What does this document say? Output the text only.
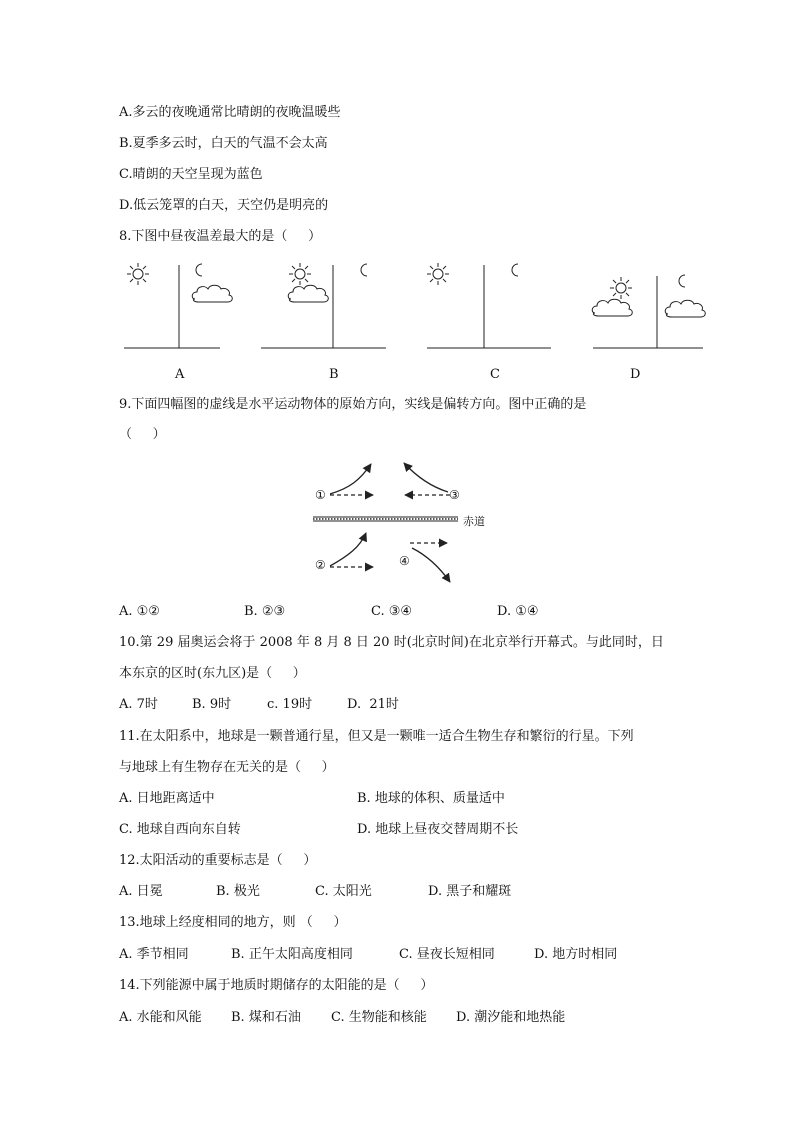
A.多云的夜晚通常比晴朗的夜晚温暖些
B.夏季多云时，白天的气温不会太高
C.晴朗的天空呈现为蓝色
D.低云笼罩的白天，天空仍是明亮的
8.下图中昼夜温差最大的是（     ）
A	B	C	D
9.下面四幅图的虚线是水平运动物体的原始方向，实线是偏转方向。图中正确的是
（     ）
①	③
②	④
赤道
A. ①②	B. ②③	C. ③④	D. ①④
10.第 29 届奥运会将于 2008 年 8 月 8 日 20 时(北京时间)在北京举行开幕式。与此同时，日
本东京的区时(东九区)是（     ）
A. 7时	B. 9时	c. 19时	D.  21时
11.在太阳系中，地球是一颗普通行星，但又是一颗唯一适合生物生存和繁衍的行星。下列
与地球上有生物存在无关的是（     ）
A. 日地距离适中	B. 地球的体积、质量适中
C. 地球自西向东自转	D. 地球上昼夜交替周期不长
12.太阳活动的重要标志是（     ）
A. 日冕	B. 极光	C. 太阳光	D. 黑子和耀斑
13.地球上经度相同的地方，则 （     ）
A. 季节相同	B. 正午太阳高度相同	C. 昼夜长短相同	D. 地方时相同
14.下列能源中属于地质时期储存的太阳能的是（     ）
A. 水能和风能 B. 煤和石油 C. 生物能和核能 D. 潮汐能和地热能
